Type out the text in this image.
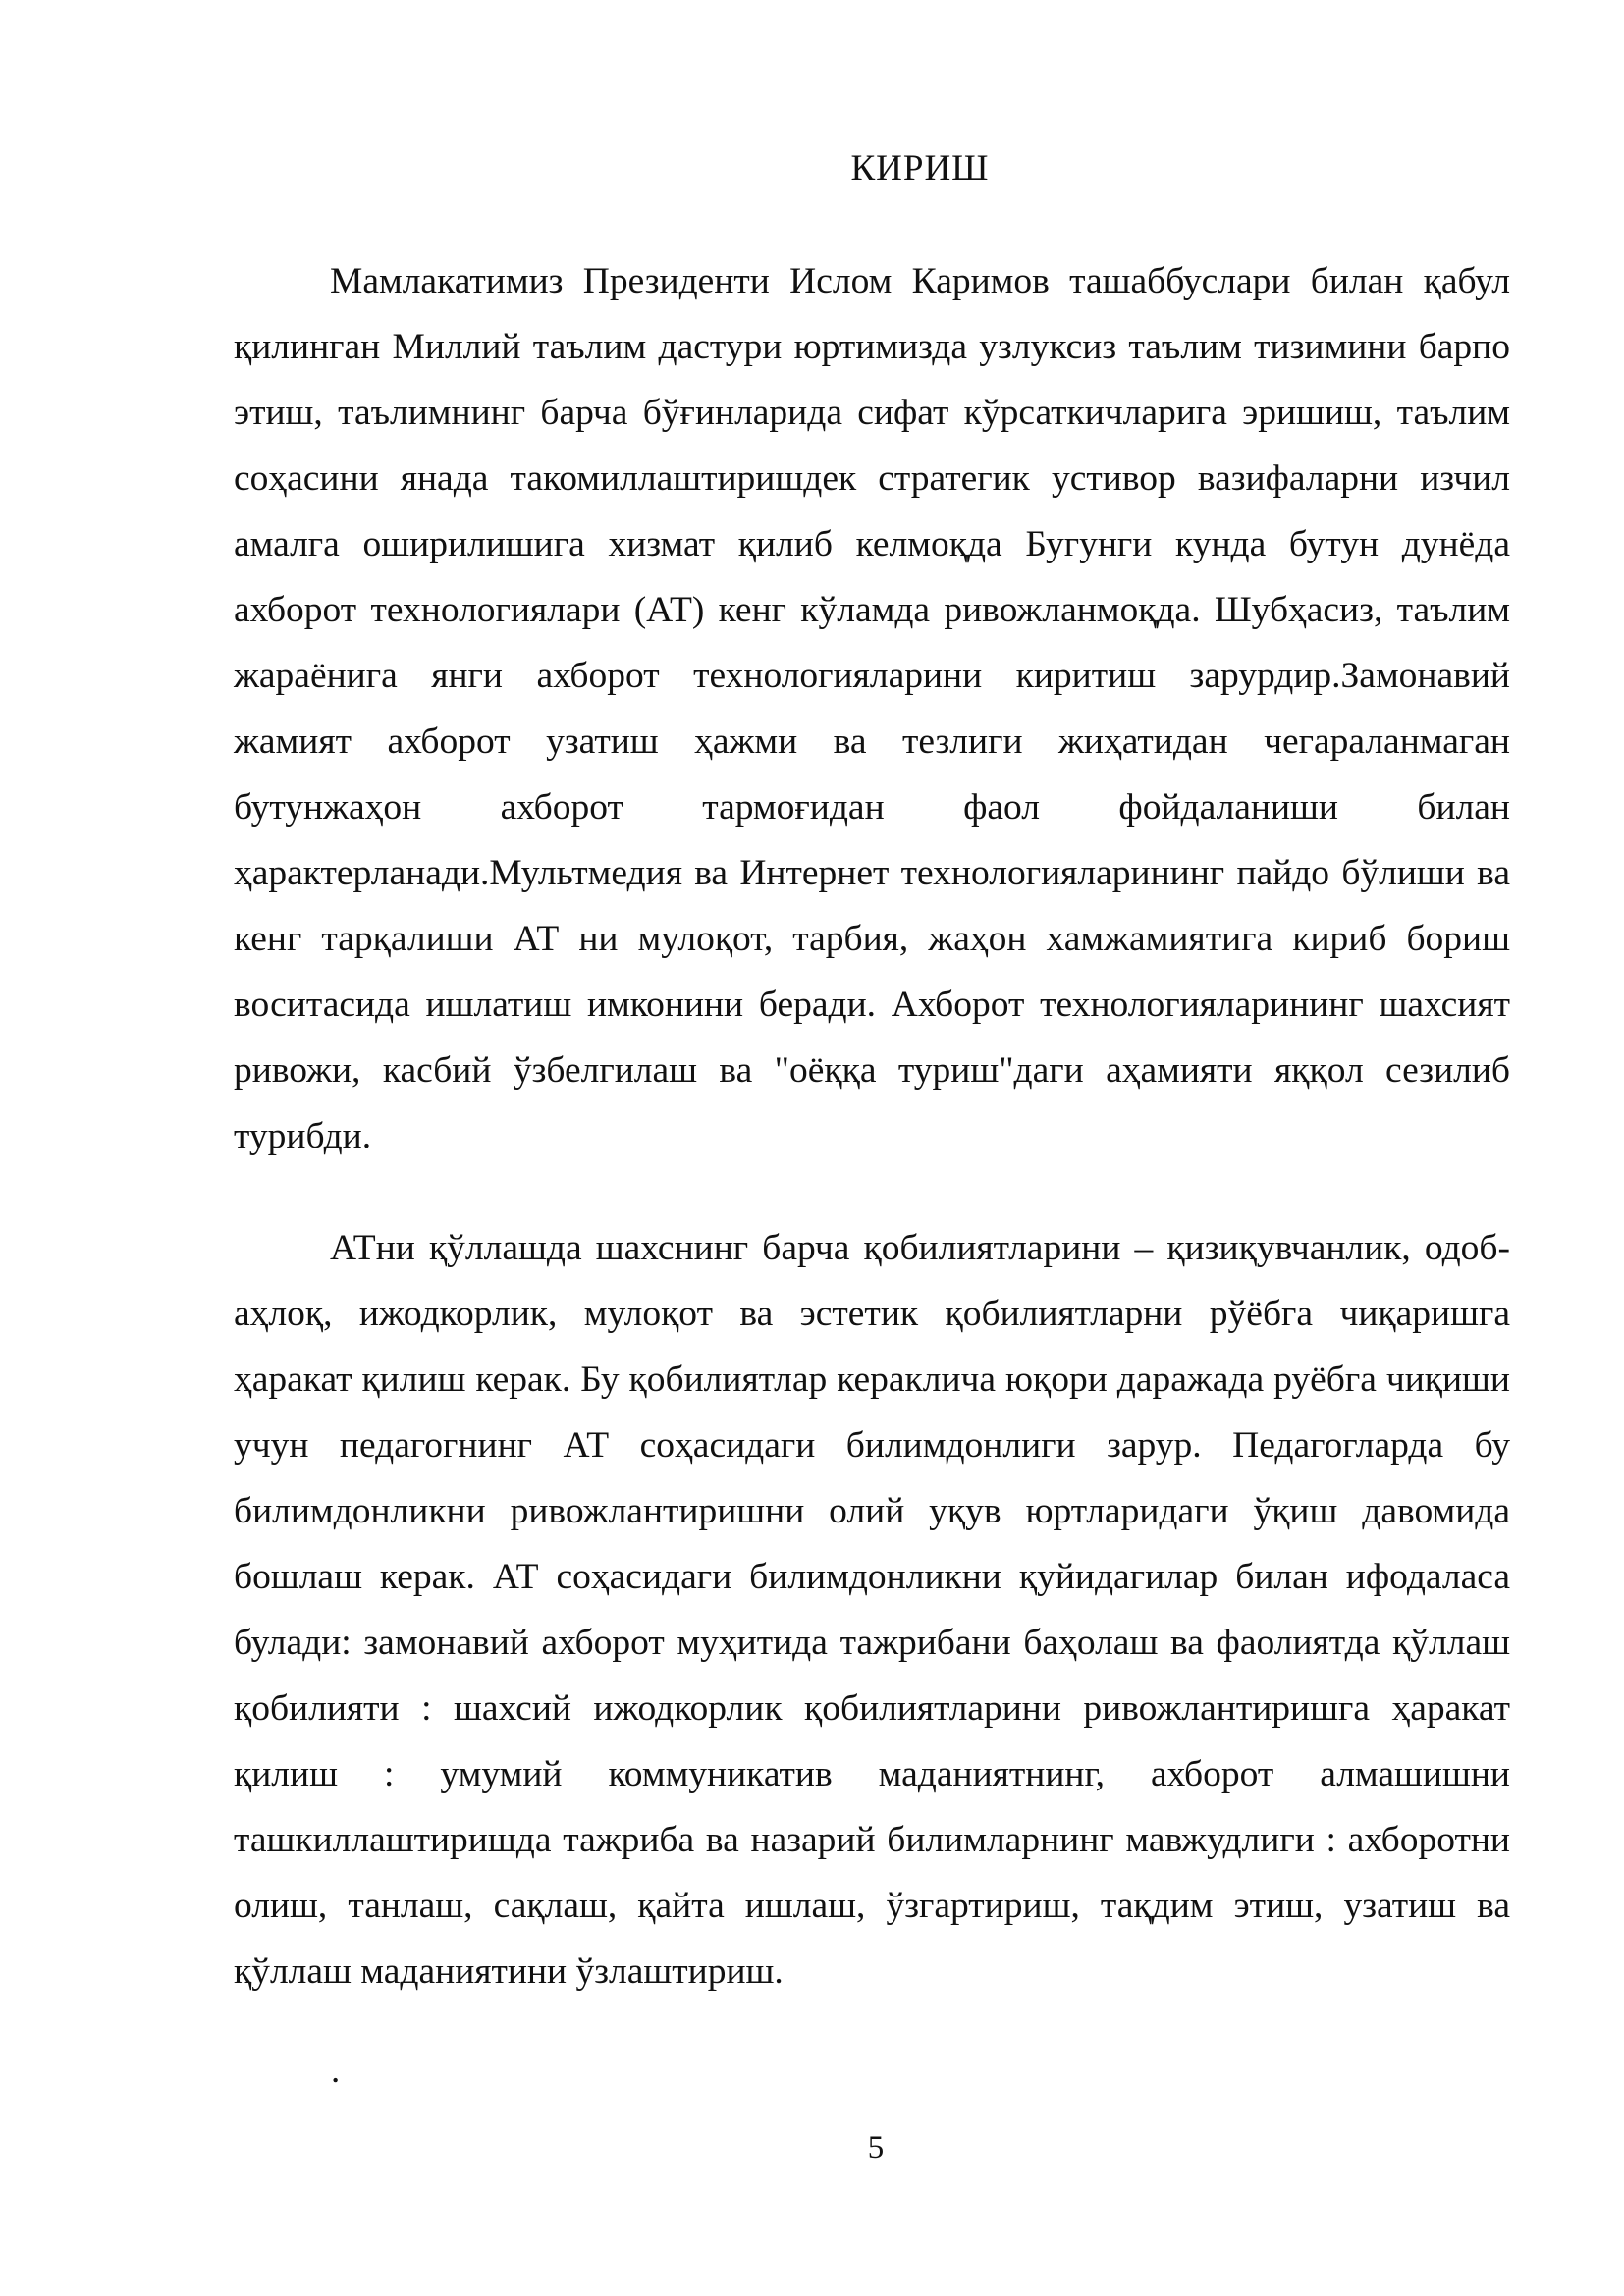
КИРИШ

Мамлакатимиз Президенти Ислом Каримов ташаббуслари билан қабул қилинган Миллий таълим дастури юртимизда узлуксиз таълим тизимини барпо этиш, таълимнинг барча бўғинларида сифат кўрсаткичларига эришиш, таълим соҳасини янада такомиллаштиришдек стратегик устивор вазифаларни изчил амалга оширилишига хизмат қилиб келмоқда Бугунги кунда бутун дунёда ахборот технологиялари (АТ) кенг кўламда ривожланмоқда. Шубҳасиз, таълим жараёнига янги ахборот технологияларини киритиш зарурдир.Замонавий жамият ахборот узатиш ҳажми ва тезлиги жиҳатидан чегараланмаган бутунжаҳон ахборот тармоғидан фаол фойдаланиши билан ҳарактерланади.Мультмедия ва Интернет технологияларининг пайдо бўлиши ва кенг тарқалиши АТ ни мулоқот, тарбия, жаҳон хамжамиятига кириб бориш воситасида ишлатиш имконини беради. Ахборот технологияларининг шахсият ривожи, касбий ўзбелгилаш ва "оёққа туриш"даги аҳамияти яққол сезилиб турибди.

АТни қўллашда шахснинг барча қобилиятларини – қизиқувчанлик, одоб-аҳлоқ, ижодкорлик, мулоқот ва эстетик қобилиятларни рўёбга чиқаришга ҳаракат қилиш керак. Бу қобилиятлар кераклича юқори даражада руёбга чиқиши учун педагогнинг АТ соҳасидаги билимдонлиги зарур. Педагогларда бу билимдонликни ривожлантиришни олий уқув юртларидаги ўқиш давомида бошлаш керак. АТ соҳасидаги билимдонликни қуйидагилар билан ифодаласа булади: замонавий ахборот муҳитида тажрибани баҳолаш ва фаолиятда қўллаш қобилияти : шахсий ижодкорлик қобилиятларини ривожлантиришга ҳаракат қилиш : умумий коммуникатив маданиятнинг, ахборот алмашишни ташкиллаштиришда тажриба ва назарий билимларнинг мавжудлиги : ахборотни олиш, танлаш, сақлаш, қайта ишлаш, ўзгартириш, тақдим этиш, узатиш ва қўллаш маданиятини ўзлаштириш.

.
5
